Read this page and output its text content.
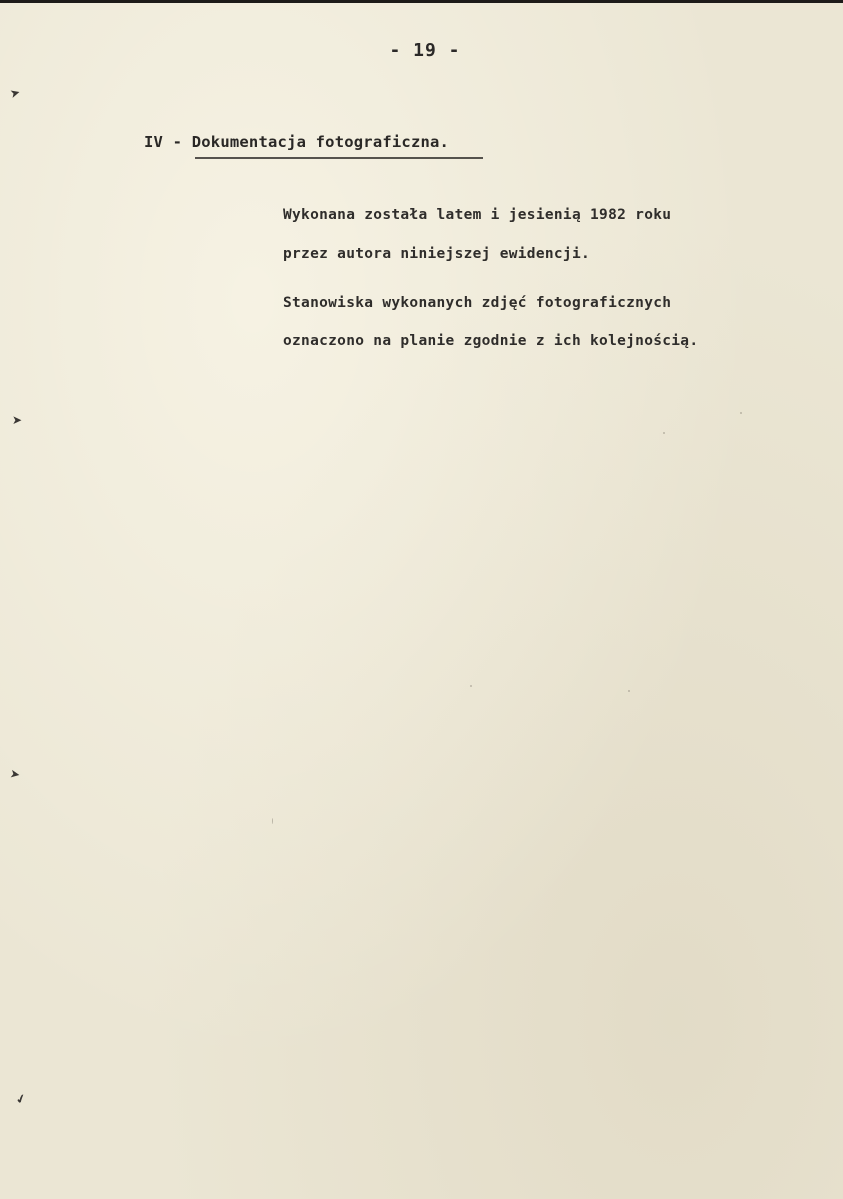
- 19 -
IV - Dokumentacja fotograficzna.
Wykonana została latem i jesienią 1982 roku
przez autora niniejszej ewidencji.
Stanowiska wykonanych zdjęć fotograficznych
oznaczono na planie zgodnie z ich kolejnością.
➤
➤
➤
✔
